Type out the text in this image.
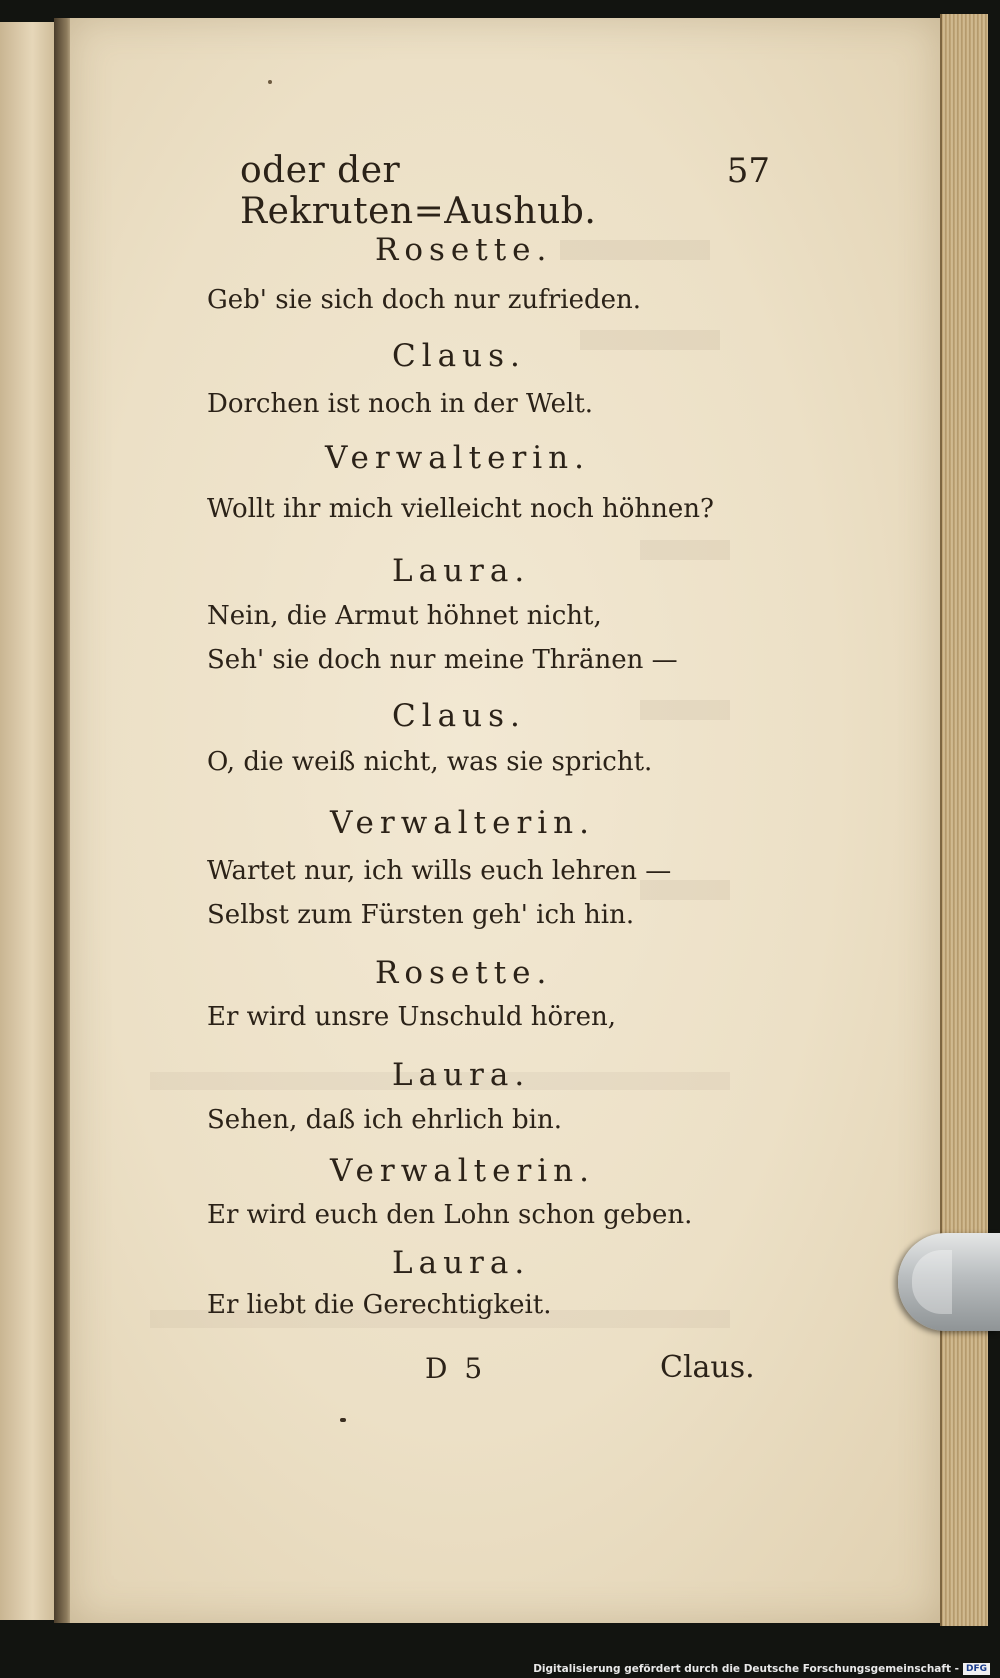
oder der Rekruten=Aushub.
57
Rosette.
Geb' sie sich doch nur zufrieden.
Claus.
Dorchen ist noch in der Welt.
Verwalterin.
Wollt ihr mich vielleicht noch höhnen?
Laura.
Nein, die Armut höhnet nicht,
Seh' sie doch nur meine Thränen —
Claus.
O, die weiß nicht, was sie spricht.
Verwalterin.
Wartet nur, ich wills euch lehren —
Selbst zum Fürsten geh' ich hin.
Rosette.
Er wird unsre Unschuld hören,
Laura.
Sehen, daß ich ehrlich bin.
Verwalterin.
Er wird euch den Lohn schon geben.
Laura.
Er liebt die Gerechtigkeit.
D 5	Claus.
Digitalisierung gefördert durch die Deutsche Forschungsgemeinschaft - DFG
